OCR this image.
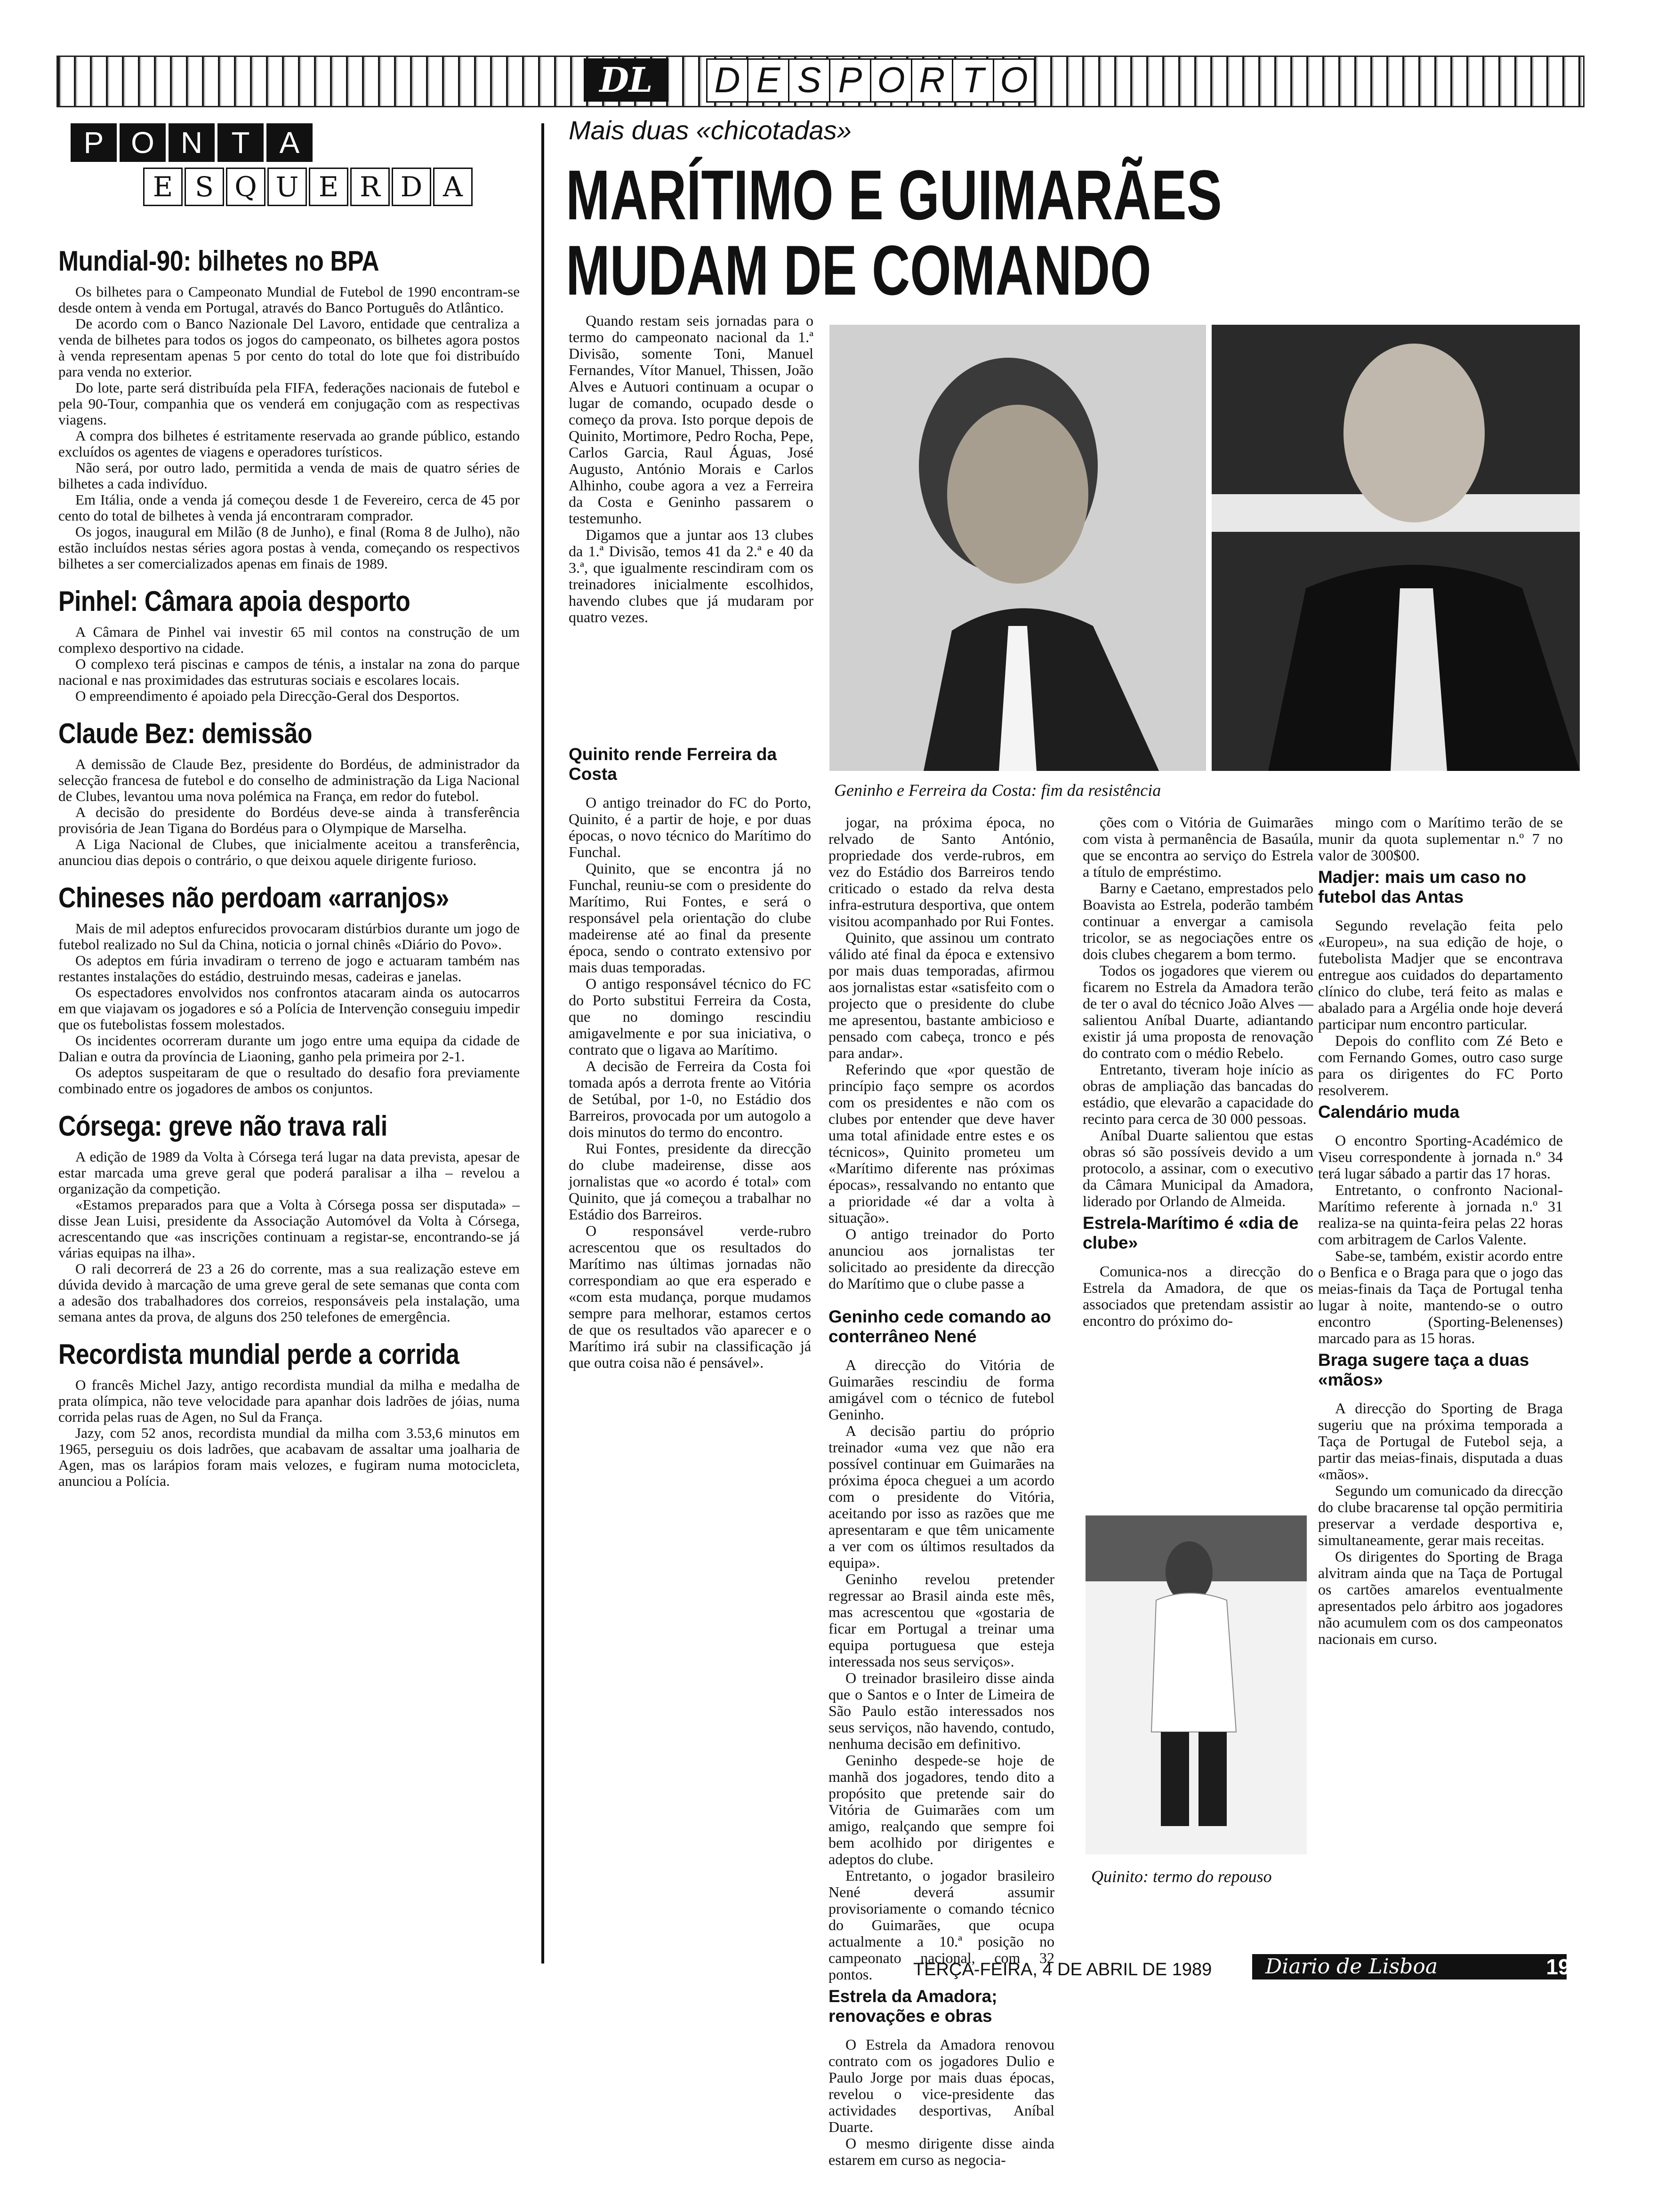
DL	D E S P O R T O
P O N T A
E S Q U E R D A
Mundial-90: bilhetes no BPA

Os bilhetes para o Campeonato Mundial de Futebol de 1990 encontram-se desde ontem à venda em Portugal, através do Banco Português do Atlântico.

De acordo com o Banco Nazionale Del Lavoro, entidade que centraliza a venda de bilhetes para todos os jogos do campeonato, os bilhetes agora postos à venda representam apenas 5 por cento do total do lote que foi distribuído para venda no exterior.

Do lote, parte será distribuída pela FIFA, federações nacionais de futebol e pela 90-Tour, companhia que os venderá em conjugação com as respectivas viagens.

A compra dos bilhetes é estritamente reservada ao grande público, estando excluídos os agentes de viagens e operadores turísticos.

Não será, por outro lado, permitida a venda de mais de quatro séries de bilhetes a cada indivíduo.

Em Itália, onde a venda já começou desde 1 de Fevereiro, cerca de 45 por cento do total de bilhetes à venda já encontraram comprador.

Os jogos, inaugural em Milão (8 de Junho), e final (Roma 8 de Julho), não estão incluídos nestas séries agora postas à venda, começando os respectivos bilhetes a ser comercializados apenas em finais de 1989.

Pinhel: Câmara apoia desporto

A Câmara de Pinhel vai investir 65 mil contos na construção de um complexo desportivo na cidade.

O complexo terá piscinas e campos de ténis, a instalar na zona do parque nacional e nas proximidades das estruturas sociais e escolares locais.

O empreendimento é apoiado pela Direcção-Geral dos Desportos.

Claude Bez: demissão

A demissão de Claude Bez, presidente do Bordéus, de administrador da selecção francesa de futebol e do conselho de administração da Liga Nacional de Clubes, levantou uma nova polémica na França, em redor do futebol.

A decisão do presidente do Bordéus deve-se ainda à transferência provisória de Jean Tigana do Bordéus para o Olympique de Marselha.

A Liga Nacional de Clubes, que inicialmente aceitou a transferência, anunciou dias depois o contrário, o que deixou aquele dirigente furioso.

Chineses não perdoam «arranjos»

Mais de mil adeptos enfurecidos provocaram distúrbios durante um jogo de futebol realizado no Sul da China, noticia o jornal chinês «Diário do Povo».

Os adeptos em fúria invadiram o terreno de jogo e actuaram também nas restantes instalações do estádio, destruindo mesas, cadeiras e janelas.

Os espectadores envolvidos nos confrontos atacaram ainda os autocarros em que viajavam os jogadores e só a Polícia de Intervenção conseguiu impedir que os futebolistas fossem molestados.

Os incidentes ocorreram durante um jogo entre uma equipa da cidade de Dalian e outra da província de Liaoning, ganho pela primeira por 2-1.

Os adeptos suspeitaram de que o resultado do desafio fora previamente combinado entre os jogadores de ambos os conjuntos.

Córsega: greve não trava rali

A edição de 1989 da Volta à Córsega terá lugar na data prevista, apesar de estar marcada uma greve geral que poderá paralisar a ilha – revelou a organização da competição.

«Estamos preparados para que a Volta à Córsega possa ser disputada» – disse Jean Luisi, presidente da Associação Automóvel da Volta à Córsega, acrescentando que «as inscrições continuam a registar-se, encontrando-se já várias equipas na ilha».

O rali decorrerá de 23 a 26 do corrente, mas a sua realização esteve em dúvida devido à marcação de uma greve geral de sete semanas que conta com a adesão dos trabalhadores dos correios, responsáveis pela instalação, uma semana antes da prova, de alguns dos 250 telefones de emergência.

Recordista mundial perde a corrida

O francês Michel Jazy, antigo recordista mundial da milha e medalha de prata olímpica, não teve velocidade para apanhar dois ladrões de jóias, numa corrida pelas ruas de Agen, no Sul da França.

Jazy, com 52 anos, recordista mundial da milha com 3.53,6 minutos em 1965, perseguiu os dois ladrões, que acabavam de assaltar uma joalharia de Agen, mas os larápios foram mais velozes, e fugiram numa motocicleta, anunciou a Polícia.

Mais duas «chicotadas»
MARÍTIMO E GUIMARÃES
MUDAM DE COMANDO

Quando restam seis jornadas para o termo do campeonato nacional da 1.ª Divisão, somente Toni, Manuel Fernandes, Vítor Manuel, Thissen, João Alves e Autuori continuam a ocupar o lugar de comando, ocupado desde o começo da prova. Isto porque depois de Quinito, Mortimore, Pedro Rocha, Pepe, Carlos Garcia, Raul Águas, José Augusto, António Morais e Carlos Alhinho, coube agora a vez a Ferreira da Costa e Geninho passarem o testemunho.

Digamos que a juntar aos 13 clubes da 1.ª Divisão, temos 41 da 2.ª e 40 da 3.ª, que igualmente rescindiram com os treinadores inicialmente escolhidos, havendo clubes que já mudaram por quatro vezes.

Geninho e Ferreira da Costa: fim da resistência
Quinito rende Ferreira da Costa

O antigo treinador do FC do Porto, Quinito, é a partir de hoje, e por duas épocas, o novo técnico do Marítimo do Funchal.

Quinito, que se encontra já no Funchal, reuniu-se com o presidente do Marítimo, Rui Fontes, e será o responsável pela orientação do clube madeirense até ao final da presente época, sendo o contrato extensivo por mais duas temporadas.

O antigo responsável técnico do FC do Porto substitui Ferreira da Costa, que no domingo rescindiu amigavelmente e por sua iniciativa, o contrato que o ligava ao Marítimo.

A decisão de Ferreira da Costa foi tomada após a derrota frente ao Vitória de Setúbal, por 1-0, no Estádio dos Barreiros, provocada por um autogolo a dois minutos do termo do encontro.

Rui Fontes, presidente da direcção do clube madeirense, disse aos jornalistas que «o acordo é total» com Quinito, que já começou a trabalhar no Estádio dos Barreiros.

O responsável verde-rubro acrescentou que os resultados do Marítimo nas últimas jornadas não correspondiam ao que era esperado e «com esta mudança, porque mudamos sempre para melhorar, estamos certos de que os resultados vão aparecer e o Marítimo irá subir na classificação já que outra coisa não é pensável».

jogar, na próxima época, no relvado de Santo António, propriedade dos verde-rubros, em vez do Estádio dos Barreiros tendo criticado o estado da relva desta infra-estrutura desportiva, que ontem visitou acompanhado por Rui Fontes.

Quinito, que assinou um contrato válido até final da época e extensivo por mais duas temporadas, afirmou aos jornalistas estar «satisfeito com o projecto que o presidente do clube me apresentou, bastante ambicioso e pensado com cabeça, tronco e pés para andar».

Referindo que «por questão de princípio faço sempre os acordos com os presidentes e não com os clubes por entender que deve haver uma total afinidade entre estes e os técnicos», Quinito prometeu um «Marítimo diferente nas próximas épocas», ressalvando no entanto que a prioridade «é dar a volta à situação».

O antigo treinador do Porto anunciou aos jornalistas ter solicitado ao presidente da direcção do Marítimo que o clube passe a

Geninho cede comando ao conterrâneo Nené

A direcção do Vitória de Guimarães rescindiu de forma amigável com o técnico de futebol Geninho.

A decisão partiu do próprio treinador «uma vez que não era possível continuar em Guimarães na próxima época cheguei a um acordo com o presidente do Vitória, aceitando por isso as razões que me apresentaram e que têm unicamente a ver com os últimos resultados da equipa».

Geninho revelou pretender regressar ao Brasil ainda este mês, mas acrescentou que «gostaria de ficar em Portugal a treinar uma equipa portuguesa que esteja interessada nos seus serviços».

O treinador brasileiro disse ainda que o Santos e o Inter de Limeira de São Paulo estão interessados nos seus serviços, não havendo, contudo, nenhuma decisão em definitivo.

Geninho despede-se hoje de manhã dos jogadores, tendo dito a propósito que pretende sair do Vitória de Guimarães com um amigo, realçando que sempre foi bem acolhido por dirigentes e adeptos do clube.

Entretanto, o jogador brasileiro Nené deverá assumir provisoriamente o comando técnico do Guimarães, que ocupa actualmente a 10.ª posição no campeonato nacional, com 32 pontos.

Estrela da Amadora; renovações e obras

O Estrela da Amadora renovou contrato com os jogadores Dulio e Paulo Jorge por mais duas épocas, revelou o vice-presidente das actividades desportivas, Aníbal Duarte.

O mesmo dirigente disse ainda estarem em curso as negocia-

ções com o Vitória de Guimarães com vista à permanência de Basaúla, que se encontra ao serviço do Estrela a título de empréstimo.

Barny e Caetano, emprestados pelo Boavista ao Estrela, poderão também continuar a envergar a camisola tricolor, se as negociações entre os dois clubes chegarem a bom termo.

Todos os jogadores que vierem ou ficarem no Estrela da Amadora terão de ter o aval do técnico João Alves — salientou Aníbal Duarte, adiantando existir já uma proposta de renovação do contrato com o médio Rebelo.

Entretanto, tiveram hoje início as obras de ampliação das bancadas do estádio, que elevarão a capacidade do recinto para cerca de 30 000 pessoas.

Aníbal Duarte salientou que estas obras só são possíveis devido a um protocolo, a assinar, com o executivo da Câmara Municipal da Amadora, liderado por Orlando de Almeida.

Estrela-Marítimo é «dia de clube»

Comunica-nos a direcção do Estrela da Amadora, de que os associados que pretendam assistir ao encontro do próximo do-

Quinito: termo do repouso

mingo com o Marítimo terão de se munir da quota suplementar n.º 7 no valor de 300$00.

Madjer: mais um caso no futebol das Antas

Segundo revelação feita pelo «Europeu», na sua edição de hoje, o futebolista Madjer que se encontrava entregue aos cuidados do departamento clínico do clube, terá feito as malas e abalado para a Argélia onde hoje deverá participar num encontro particular.

Depois do conflito com Zé Beto e com Fernando Gomes, outro caso surge para os dirigentes do FC Porto resolverem.

Calendário muda

O encontro Sporting-Académico de Viseu correspondente à jornada n.º 34 terá lugar sábado a partir das 17 horas.

Entretanto, o confronto Nacional-Marítimo referente à jornada n.º 31 realiza-se na quinta-feira pelas 22 horas com arbitragem de Carlos Valente.

Sabe-se, também, existir acordo entre o Benfica e o Braga para que o jogo das meias-finais da Taça de Portugal tenha lugar à noite, mantendo-se o outro encontro (Sporting-Belenenses) marcado para as 15 horas.

Braga sugere taça a duas «mãos»

A direcção do Sporting de Braga sugeriu que na próxima temporada a Taça de Portugal de Futebol seja, a partir das meias-finais, disputada a duas «mãos».

Segundo um comunicado da direcção do clube bracarense tal opção permitiria preservar a verdade desportiva e, simultaneamente, gerar mais receitas.

Os dirigentes do Sporting de Braga alvitram ainda que na Taça de Portugal os cartões amarelos eventualmente apresentados pelo árbitro aos jogadores não acumulem com os dos campeonatos nacionais em curso.

TERÇA-FEIRA, 4 DE ABRIL DE 1989	Diario de Lisboa	19
